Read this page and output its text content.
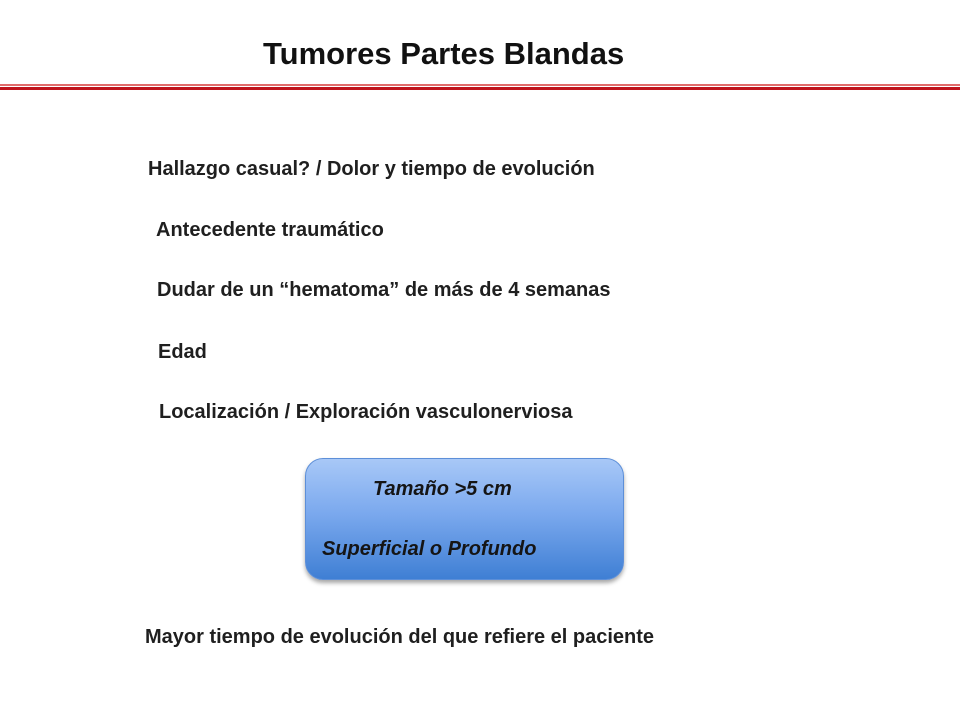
Tumores Partes Blandas
Hallazgo casual? / Dolor y tiempo de evolución
Antecedente traumático
Dudar de un “hematoma” de más de 4 semanas
Edad
Localización / Exploración vasculonerviosa
Tamaño >5 cm
Superficial o Profundo
Mayor tiempo de evolución del que refiere el paciente
